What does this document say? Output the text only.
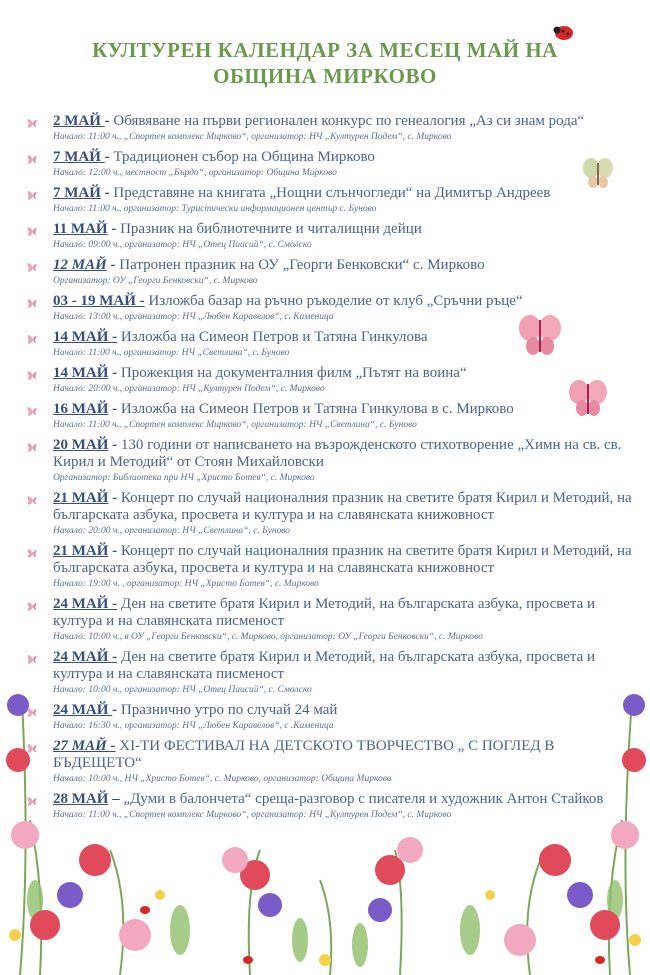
КУЛТУРЕН КАЛЕНДАР ЗА МЕСЕЦ МАЙ НА
ОБЩИНА МИРКОВО
2 МАЙ - Обявяване на първи регионален конкурс по генеалогия „Аз си знам рода“
Начало: 11:00 ч., „Спортен комплекс Мирково“, организатор: НЧ „Културен Подем“, с. Мирково
7 МАЙ - Традиционен събор на Община Мирково
Начало: 12:00 ч., местност „Бърдо“, организатор: Община Мирково
7 МАЙ - Представяне на книгата „Нощни слънчогледи“ на Димитър Андреев
Начало: 11:00 ч., организатор: Туристически информационен център с. Буново
11 МАЙ - Празник на библиотечните и читалищни дейци
Начало: 09:00 ч., организатор: НЧ „Отец Паисий“, с. Смолско
12 МАЙ - Патронен празник на ОУ „Георги Бенковски“ с. Мирково
Организатор: ОУ „Георги Бенковски“, с. Мирково
03 - 19 МАЙ - Изложба базар на ръчно ръкоделие от клуб „Сръчни ръце“
Начало: 13:00 ч., организатор: НЧ „Любен Каравелов“, с. Каменица
14 МАЙ - Изложба на Симеон Петров и Татяна Гинкулова
Начало: 11:00 ч., организатор: НЧ „Светлина“, с. Буново
14 МАЙ - Прожекция на документалния филм „Пътят на воина“
Начало: 20:00 ч., организатор: НЧ „Културен Подем“, с. Мирково
16 МАЙ - Изложба на Симеон Петров и Татяна Гинкулова в с. Мирково
Начало: 11:00 ч., „Спортен комплекс Мирково“, организатор: НЧ „Светлина“, с. Буново
20 МАЙ - 130 години от написването на възрожденското стихотворение „Химн на св. св. Кирил и Методий“ от Стоян Михайловски
Организатор: Библиотека при НЧ „Христо Ботев“, с. Мирково
21 МАЙ - Концерт по случай националния празник на светите братя Кирил и Методий, на българската азбука, просвета и култура и на славянската книжовност
Начало: 20:00 ч., организатор: НЧ „Светлина“, с. Буново
21 МАЙ - Концерт по случай националния празник на светите братя Кирил и Методий, на българската азбука, просвета и култура и на славянската книжовност
Начало: 19:00 ч. , организатор: НЧ „Христо Ботев“, с. Мирково
24 МАЙ - Ден на светите братя Кирил и Методий, на българската азбука, просвета и култура и на славянската писменост
Начало: 10:00 ч., в ОУ „Георги Бенковски“, с. Мирково, организатор: ОУ „Георги Бенковски“, с. Мирково
24 МАЙ - Ден на светите братя Кирил и Методий, на българската азбука, просвета и култура и на славянската писменост
Начало: 10:00 ч., организатор: НЧ „Отец Паисий“, с. Смолско
24 МАЙ - Празнично утро по случай 24 май
Начало: 16:30 ч., организатор: НЧ „Любен Каравелов“, с .Каменица
27 МАЙ - XI-ТИ ФЕСТИВАЛ НА ДЕТСКОТО ТВОРЧЕСТВО „ С ПОГЛЕД В БЪДЕЩЕТО“
Начало: 10:00 ч., НЧ „Христо Ботев“, с. Мирково, организатор: Община Мирково
28 МАЙ – „Думи в балончета“ среща-разговор с писателя и художник Антон Стайков
Начало: 11:00 ч., „Спортен комплекс Мирково“, организатор: НЧ „Културен Подем“, с. Мирково
